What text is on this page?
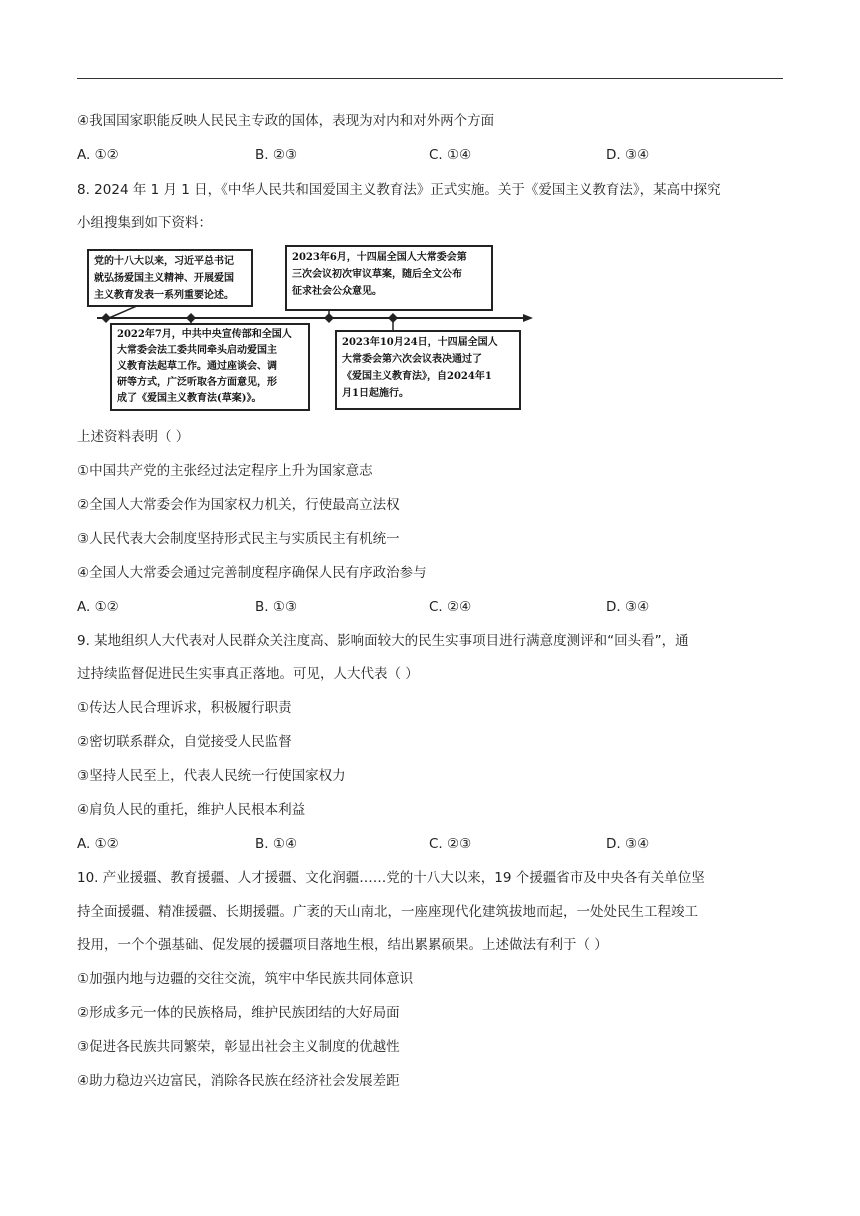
④我国国家职能反映人民民主专政的国体，表现为对内和对外两个方面
A. ①②	B. ②③	C. ①④	D. ③④
8. 2024 年 1 月 1 日，《中华人民共和国爱国主义教育法》正式实施。关于《爱国主义教育法》，某高中探究
小组搜集到如下资料：
党的十八大以来，习近平总书记
就弘扬爱国主义精神、开展爱国
主义教育发表一系列重要论述。
2023年6月，十四届全国人大常委会第
三次会议初次审议草案，随后全文公布
征求社会公众意见。
2022年7月，中共中央宣传部和全国人
大常委会法工委共同牵头启动爱国主
义教育法起草工作。通过座谈会、调
研等方式，广泛听取各方面意见，形
成了《爱国主义教育法(草案)》。
2023年10月24日，十四届全国人
大常委会第六次会议表决通过了
《爱国主义教育法》，自2024年1
月1日起施行。
上述资料表明（ ）
①中国共产党的主张经过法定程序上升为国家意志
②全国人大常委会作为国家权力机关，行使最高立法权
③人民代表大会制度坚持形式民主与实质民主有机统一
④全国人大常委会通过完善制度程序确保人民有序政治参与
A. ①②	B. ①③	C. ②④	D. ③④
9. 某地组织人大代表对人民群众关注度高、影响面较大的民生实事项目进行满意度测评和“回头看”，通
过持续监督促进民生实事真正落地。可见，人大代表（ ）
①传达人民合理诉求，积极履行职责
②密切联系群众，自觉接受人民监督
③坚持人民至上，代表人民统一行使国家权力
④肩负人民的重托，维护人民根本利益
A. ①②	B. ①④	C. ②③	D. ③④
10. 产业援疆、教育援疆、人才援疆、文化润疆……党的十八大以来，19 个援疆省市及中央各有关单位坚
持全面援疆、精准援疆、长期援疆。广袤的天山南北，一座座现代化建筑拔地而起，一处处民生工程竣工
投用，一个个强基础、促发展的援疆项目落地生根，结出累累硕果。上述做法有利于（ ）
①加强内地与边疆的交往交流，筑牢中华民族共同体意识
②形成多元一体的民族格局，维护民族团结的大好局面
③促进各民族共同繁荣，彰显出社会主义制度的优越性
④助力稳边兴边富民，消除各民族在经济社会发展差距
